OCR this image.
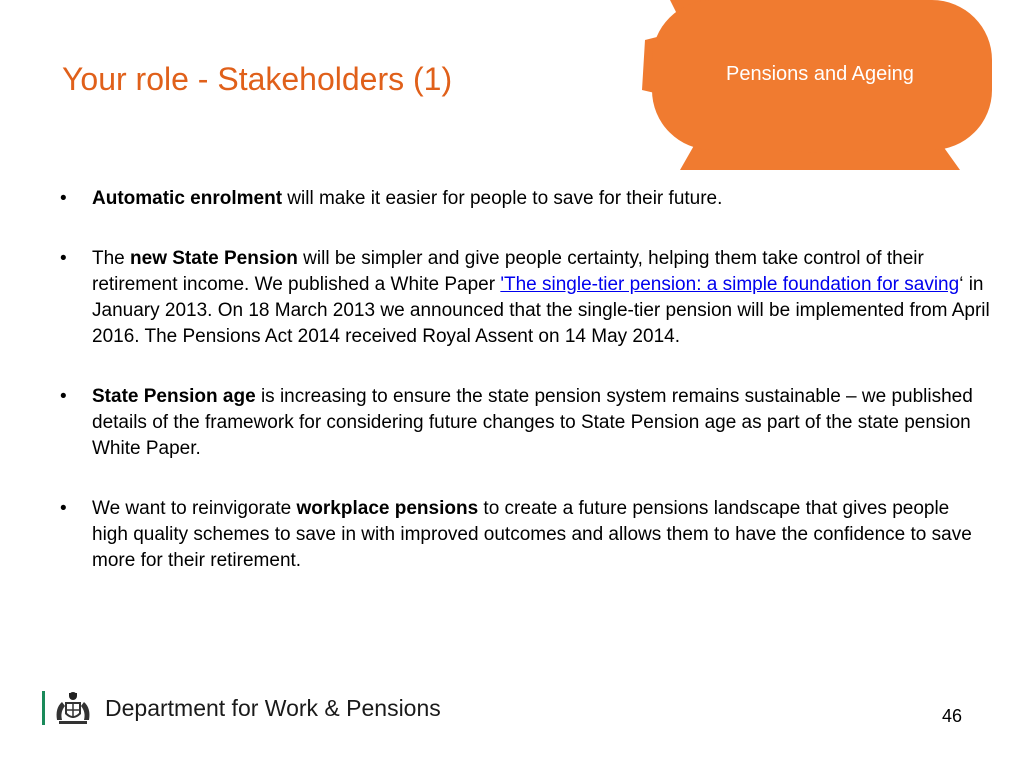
Pensions and Ageing
Your role - Stakeholders (1)
• Automatic enrolment will make it easier for people to save for their future.
• The new State Pension will be simpler and give people certainty, helping them take control of their retirement income. We published a White Paper 'The single-tier pension: a simple foundation for saving‘ in January 2013. On 18 March 2013 we announced that the single-tier pension will be implemented from April 2016. The Pensions Act 2014 received Royal Assent on 14 May 2014.
• State Pension age is increasing to ensure the state pension system remains sustainable – we published details of the framework for considering future changes to State Pension age as part of the state pension White Paper.
• We want to reinvigorate workplace pensions to create a future pensions landscape that gives people high quality schemes to save in with improved outcomes and allows them to have the confidence to save more for their retirement.
Department for Work & Pensions	46
